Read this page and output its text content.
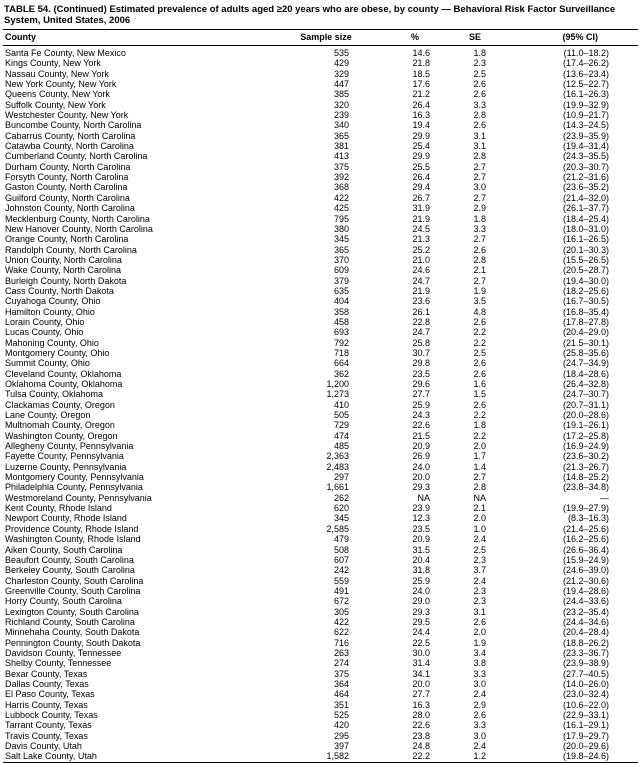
TABLE 54. (Continued) Estimated prevalence of adults aged ≥20 years who are obese, by county — Behavioral Risk Factor Surveillance System, United States, 2006
County	Sample size	%	SE	(95% CI)
Santa Fe County, New Mexico	535	14.6	1.8	(11.0–18.2)
Kings County, New York	429	21.8	2.3	(17.4–26.2)
Nassau County, New York	329	18.5	2.5	(13.6–23.4)
New York County, New York	447	17.6	2.6	(12.5–22.7)
Queens County, New York	385	21.2	2.6	(16.1–26.3)
Suffolk County, New York	320	26.4	3.3	(19.9–32.9)
Westchester County, New York	239	16.3	2.8	(10.9–21.7)
Buncombe County, North Carolina	340	19.4	2.6	(14.3–24.5)
Cabarrus County, North Carolina	365	29.9	3.1	(23.9–35.9)
Catawba County, North Carolina	381	25.4	3.1	(19.4–31.4)
Cumberland County, North Carolina	413	29.9	2.8	(24.3–35.5)
Durham County, North Carolina	375	25.5	2.7	(20.3–30.7)
Forsyth County, North Carolina	392	26.4	2.7	(21.2–31.6)
Gaston County, North Carolina	368	29.4	3.0	(23.6–35.2)
Guilford County, North Carolina	422	26.7	2.7	(21.4–32.0)
Johnston County, North Carolina	425	31.9	2.9	(26.1–37.7)
Mecklenburg County, North Carolina	795	21.9	1.8	(18.4–25.4)
New Hanover County, North Carolina	380	24.5	3.3	(18.0–31.0)
Orange County, North Carolina	345	21.3	2.7	(16.1–26.5)
Randolph County, North Carolina	365	25.2	2.6	(20.1–30.3)
Union County, North Carolina	370	21.0	2.8	(15.5–26.5)
Wake County, North Carolina	609	24.6	2.1	(20.5–28.7)
Burleigh County, North Dakota	379	24.7	2.7	(19.4–30.0)
Cass County, North Dakota	635	21.9	1.9	(18.2–25.6)
Cuyahoga County, Ohio	404	23.6	3.5	(16.7–30.5)
Hamilton County, Ohio	358	26.1	4.8	(16.8–35.4)
Lorain County, Ohio	458	22.8	2.6	(17.8–27.8)
Lucas County, Ohio	693	24.7	2.2	(20.4–29.0)
Mahoning County, Ohio	792	25.8	2.2	(21.5–30.1)
Montgomery County, Ohio	718	30.7	2.5	(25.8–35.6)
Summit County, Ohio	664	29.8	2.6	(24.7–34.9)
Cleveland County, Oklahoma	362	23.5	2.6	(18.4–28.6)
Oklahoma County, Oklahoma	1,200	29.6	1.6	(26.4–32.8)
Tulsa County, Oklahoma	1,273	27.7	1.5	(24.7–30.7)
Clackamas County, Oregon	410	25.9	2.6	(20.7–31.1)
Lane County, Oregon	505	24.3	2.2	(20.0–28.6)
Multnomah County, Oregon	729	22.6	1.8	(19.1–26.1)
Washington County, Oregon	474	21.5	2.2	(17.2–25.8)
Allegheny County, Pennsylvania	485	20.9	2.0	(16.9–24.9)
Fayette County, Pennsylvania	2,363	26.9	1.7	(23.6–30.2)
Luzerne County, Pennsylvania	2,483	24.0	1.4	(21.3–26.7)
Montgomery County, Pennsylvania	297	20.0	2.7	(14.8–25.2)
Philadelphia County, Pennsylvania	1,661	29.3	2.8	(23.8–34.8)
Westmoreland County, Pennsylvania	262	NA	NA	—
Kent County, Rhode Island	620	23.9	2.1	(19.9–27.9)
Newport County, Rhode Island	345	12.3	2.0	(8.3–16.3)
Providence County, Rhode Island	2,585	23.5	1.0	(21.4–25.6)
Washington County, Rhode Island	479	20.9	2.4	(16.2–25.6)
Aiken County, South Carolina	508	31.5	2.5	(26.6–36.4)
Beaufort County, South Carolina	607	20.4	2.3	(15.9–24.9)
Berkeley County, South Carolina	242	31.8	3.7	(24.6–39.0)
Charleston County, South Carolina	559	25.9	2.4	(21.2–30.6)
Greenville County, South Carolina	491	24.0	2.3	(19.4–28.6)
Horry County, South Carolina	672	29.0	2.3	(24.4–33.6)
Lexington County, South Carolina	305	29.3	3.1	(23.2–35.4)
Richland County, South Carolina	422	29.5	2.6	(24.4–34.6)
Minnehaha County, South Dakota	622	24.4	2.0	(20.4–28.4)
Pennington County, South Dakota	716	22.5	1.9	(18.8–26.2)
Davidson County, Tennessee	263	30.0	3.4	(23.3–36.7)
Shelby County, Tennessee	274	31.4	3.8	(23.9–38.9)
Bexar County, Texas	375	34.1	3.3	(27.7–40.5)
Dallas County, Texas	364	20.0	3.0	(14.0–26.0)
El Paso County, Texas	464	27.7	2.4	(23.0–32.4)
Harris County, Texas	351	16.3	2.9	(10.6–22.0)
Lubbock County, Texas	525	28.0	2.6	(22.9–33.1)
Tarrant County, Texas	420	22.6	3.3	(16.1–29.1)
Travis County, Texas	295	23.8	3.0	(17.9–29.7)
Davis County, Utah	397	24.8	2.4	(20.0–29.6)
Salt Lake County, Utah	1,582	22.2	1.2	(19.8–24.6)
